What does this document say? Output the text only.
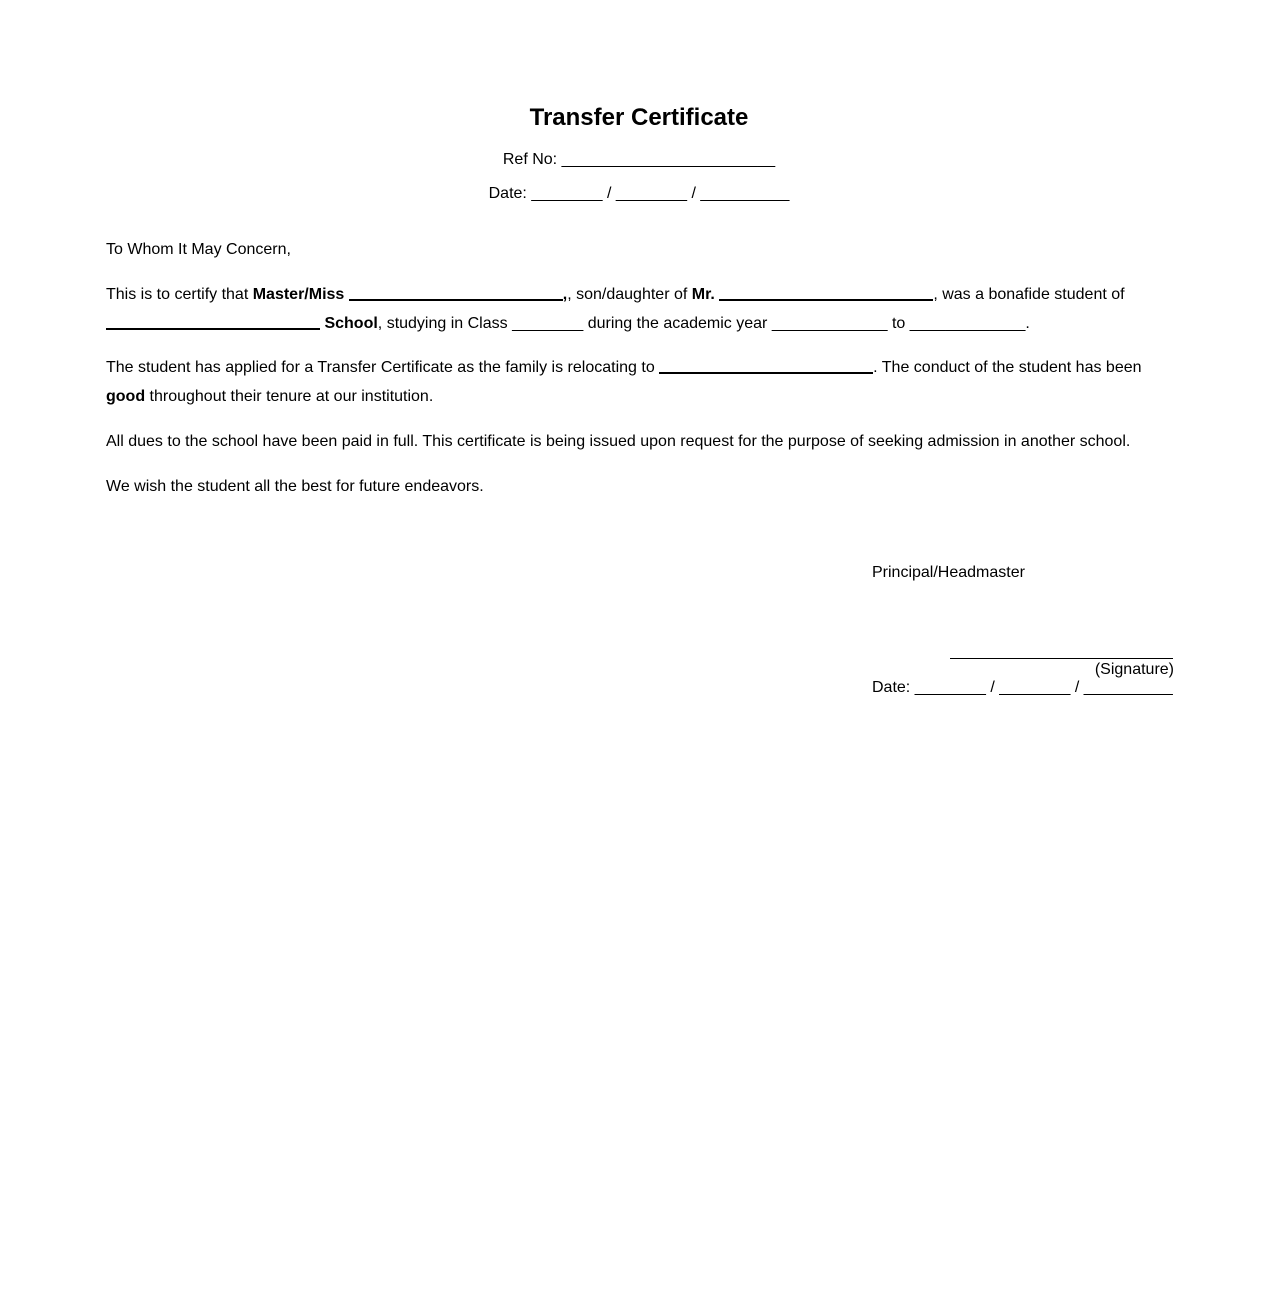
Transfer Certificate
Ref No: ________________________
Date: ________ / ________ / __________

To Whom It May Concern,

This is to certify that Master/Miss	,, son/daughter of Mr.	, was a bonafide student of
School, studying in Class ________ during the academic year _____________ to _____________.

The student has applied for a Transfer Certificate as the family is relocating to	. The conduct of the student has been
good throughout their tenure at our institution.

All dues to the school have been paid in full. This certificate is being issued upon request for the purpose of seeking admission in another school.

We wish the student all the best for future endeavors.

Principal/Headmaster
(Signature)
Date: ________ / ________ / __________
